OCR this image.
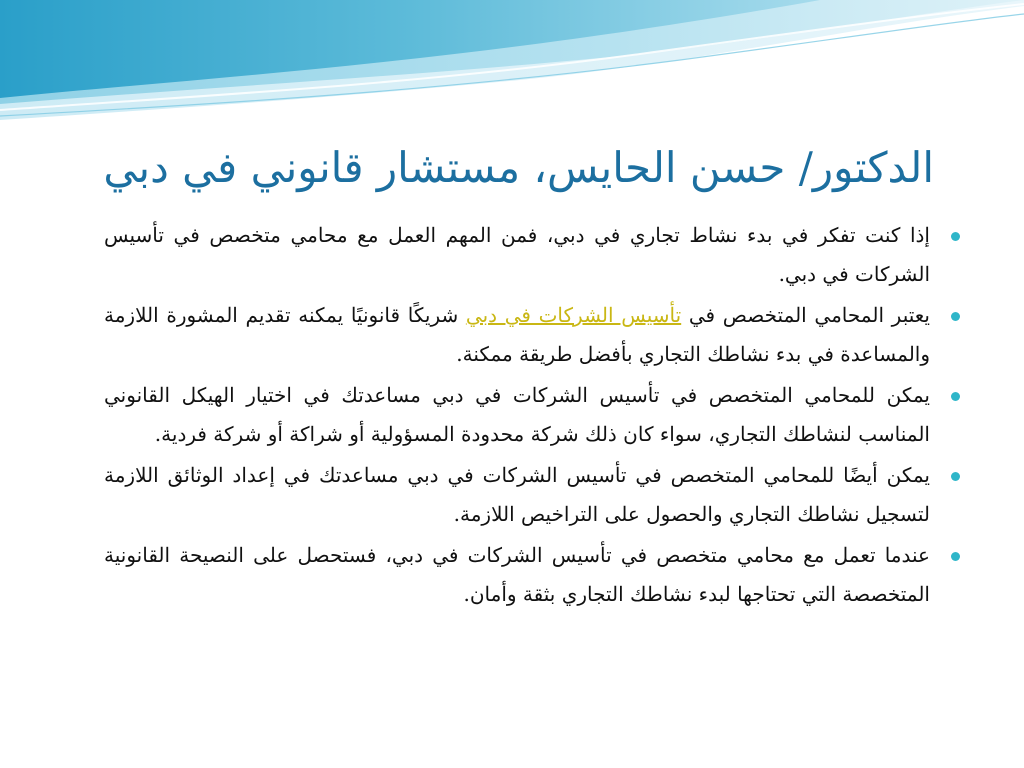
الدكتور/ حسن الحايس، مستشار قانوني في دبي
إذا كنت تفكر في بدء نشاط تجاري في دبي، فمن المهم العمل مع محامي متخصص في تأسيس الشركات في دبي.
يعتبر المحامي المتخصص في تأسيس الشركات في دبي شريكًا قانونيًا يمكنه تقديم المشورة اللازمة والمساعدة في بدء نشاطك التجاري بأفضل طريقة ممكنة.
يمكن للمحامي المتخصص في تأسيس الشركات في دبي مساعدتك في اختيار الهيكل القانوني المناسب لنشاطك التجاري، سواء كان ذلك شركة محدودة المسؤولية أو شراكة أو شركة فردية.
يمكن أيضًا للمحامي المتخصص في تأسيس الشركات في دبي مساعدتك في إعداد الوثائق اللازمة لتسجيل نشاطك التجاري والحصول على التراخيص اللازمة.
عندما تعمل مع محامي متخصص في تأسيس الشركات في دبي، فستحصل على النصيحة القانونية المتخصصة التي تحتاجها لبدء نشاطك التجاري بثقة وأمان.
